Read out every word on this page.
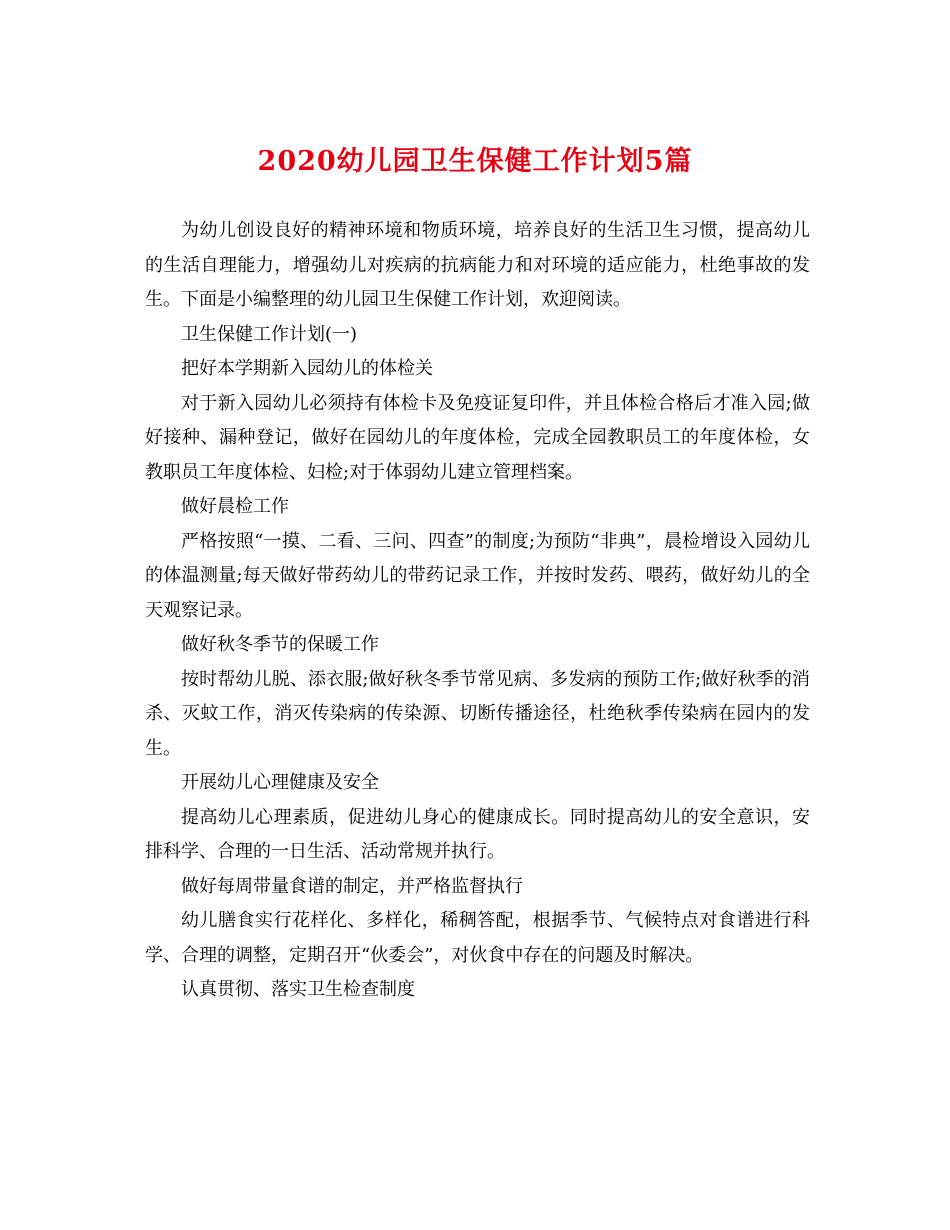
2020幼儿园卫生保健工作计划5篇

为幼儿创设良好的精神环境和物质环境，培养良好的生活卫生习惯，提高幼儿的生活自理能力，增强幼儿对疾病的抗病能力和对环境的适应能力，杜绝事故的发生。下面是小编整理的幼儿园卫生保健工作计划，欢迎阅读。

卫生保健工作计划(一)

把好本学期新入园幼儿的体检关

对于新入园幼儿必须持有体检卡及免疫证复印件，并且体检合格后才准入园;做好接种、漏种登记，做好在园幼儿的年度体检，完成全园教职员工的年度体检，女教职员工年度体检、妇检;对于体弱幼儿建立管理档案。

做好晨检工作

严格按照“一摸、二看、三问、四查”的制度;为预防“非典”，晨检增设入园幼儿的体温测量;每天做好带药幼儿的带药记录工作，并按时发药、喂药，做好幼儿的全天观察记录。

做好秋冬季节的保暖工作

按时帮幼儿脱、添衣服;做好秋冬季节常见病、多发病的预防工作;做好秋季的消杀、灭蚊工作，消灭传染病的传染源、切断传播途径，杜绝秋季传染病在园内的发生。

开展幼儿心理健康及安全

提高幼儿心理素质，促进幼儿身心的健康成长。同时提高幼儿的安全意识，安排科学、合理的一日生活、活动常规并执行。

做好每周带量食谱的制定，并严格监督执行

幼儿膳食实行花样化、多样化，稀稠答配，根据季节、气候特点对食谱进行科学、合理的调整，定期召开“伙委会”，对伙食中存在的问题及时解决。

认真贯彻、落实卫生检查制度
